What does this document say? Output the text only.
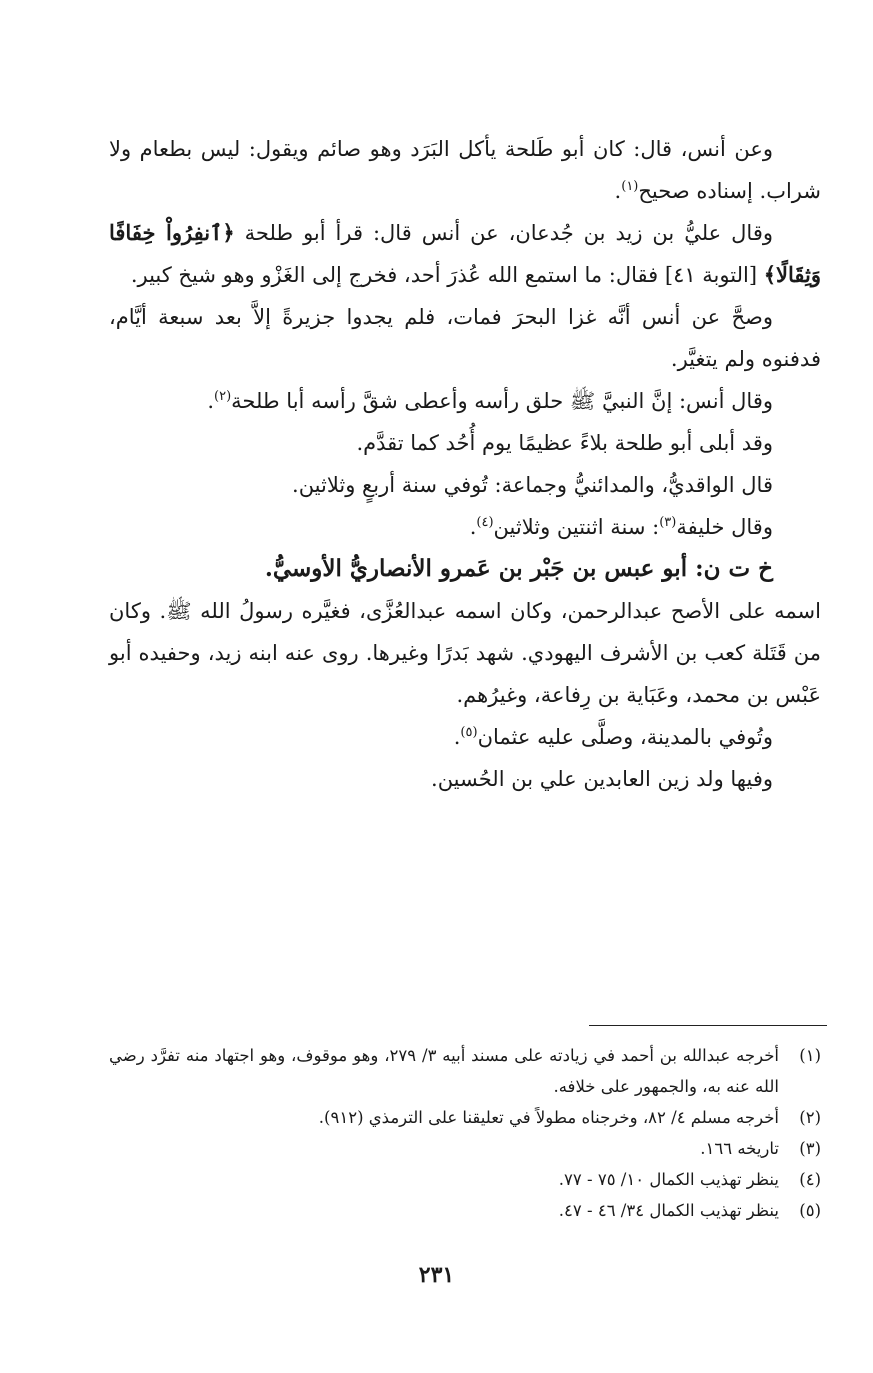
وعن أنس، قال: كان أبو طَلحة يأكل البَرَد وهو صائم ويقول: ليس بطعام ولا شراب. إسناده صحيح$^{(١)}$.

وقال عليُّ بن زيد بن جُدعان، عن أنس قال: قرأ أبو طلحة ﴿ٱنفِرُواْ خِفَافًا وَثِقَالًا﴾ [التوبة ٤١] فقال: ما استمع الله عُذرَ أحد، فخرج إلى الغَزْو وهو شيخ كبير.

وصحَّ عن أنس أنَّه غزا البحرَ فمات، فلم يجدوا جزيرةً إلاَّ بعد سبعة أيَّام، فدفنوه ولم يتغيَّر.

وقال أنس: إنَّ النبيَّ ﷺ حلق رأسه وأعطى شقَّ رأسه أبا طلحة$^{(٢)}$.

وقد أبلى أبو طلحة بلاءً عظيمًا يوم أُحُد كما تقدَّم.

قال الواقديُّ، والمدائنيُّ وجماعة: تُوفي سنة أربعٍ وثلاثين.

وقال خليفة$^{(٣)}$: سنة اثنتين وثلاثين$^{(٤)}$.

خ ت ن: أبو عبس بن جَبْر بن عَمرو الأنصاريُّ الأوسيُّ.

اسمه على الأصح عبدالرحمن، وكان اسمه عبدالعُزَّى، فغيَّره رسولُ الله ﷺ. وكان من قَتَلة كعب بن الأشرف اليهودي. شهد بَدرًا وغيرها. روى عنه ابنه زيد، وحفيده أبو عَبْس بن محمد، وعَبَاية بن رِفاعة، وغيرُهم.

وتُوفي بالمدينة، وصلَّى عليه عثمان$^{(٥)}$.

وفيها ولد زين العابدين علي بن الحُسين.

(١)
أخرجه عبدالله بن أحمد في زيادته على مسند أبيه ٣/ ٢٧٩، وهو موقوف، وهو اجتهاد منه تفرَّد رضي الله عنه به، والجمهور على خلافه.
(٢)
أخرجه مسلم ٤/ ٨٢، وخرجناه مطولاً في تعليقنا على الترمذي (٩١٢).
(٣)
تاريخه ١٦٦.
(٤)
ينظر تهذيب الكمال ١٠/ ٧٥ - ٧٧.
(٥)
ينظر تهذيب الكمال ٣٤/ ٤٦ - ٤٧.
٢٣١
